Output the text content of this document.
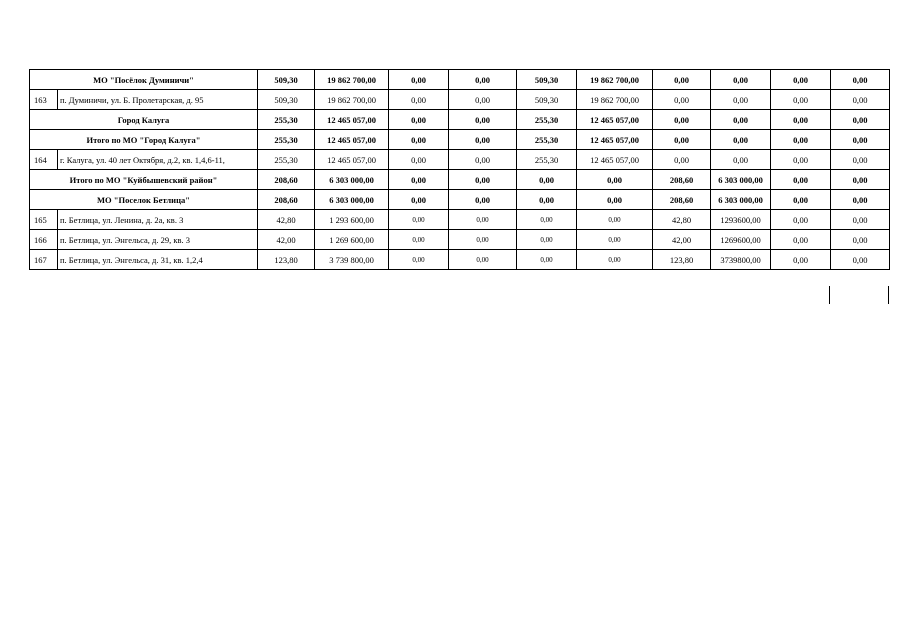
МО "Посёлок Думиничи"		509,30	19 862 700,00	0,00	0,00	509,30	19 862 700,00	0,00	0,00	0,00	0,00
163	п. Думиничи, ул. Б. Пролетарская, д. 95	509,30	19 862 700,00	0,00	0,00	509,30	19 862 700,00	0,00	0,00	0,00	0,00
Город Калуга		255,30	12 465 057,00	0,00	0,00	255,30	12 465 057,00	0,00	0,00	0,00	0,00
Итого по МО "Город Калуга"		255,30	12 465 057,00	0,00	0,00	255,30	12 465 057,00	0,00	0,00	0,00	0,00
164	г. Калуга, ул. 40 лет Октября, д.2, кв. 1,4,6-11,	255,30	12 465 057,00	0,00	0,00	255,30	12 465 057,00	0,00	0,00	0,00	0,00
Итого по МО "Куйбышевский район"		208,60	6 303 000,00	0,00	0,00	0,00	0,00	208,60	6 303 000,00	0,00	0,00
МО "Поселок Бетлица"		208,60	6 303 000,00	0,00	0,00	0,00	0,00	208,60	6 303 000,00	0,00	0,00
165	п. Бетлица, ул. Ленина, д. 2а, кв. 3	42,80	1 293 600,00	0,00	0,00	0,00	0,00	42,80	1293600,00	0,00	0,00
166	п. Бетлица, ул. Энгельса, д. 29, кв. 3	42,00	1 269 600,00	0,00	0,00	0,00	0,00	42,00	1269600,00	0,00	0,00
167	п. Бетлица, ул. Энгельса, д. 31, кв. 1,2,4	123,80	3 739 800,00	0,00	0,00	0,00	0,00	123,80	3739800,00	0,00	0,00
